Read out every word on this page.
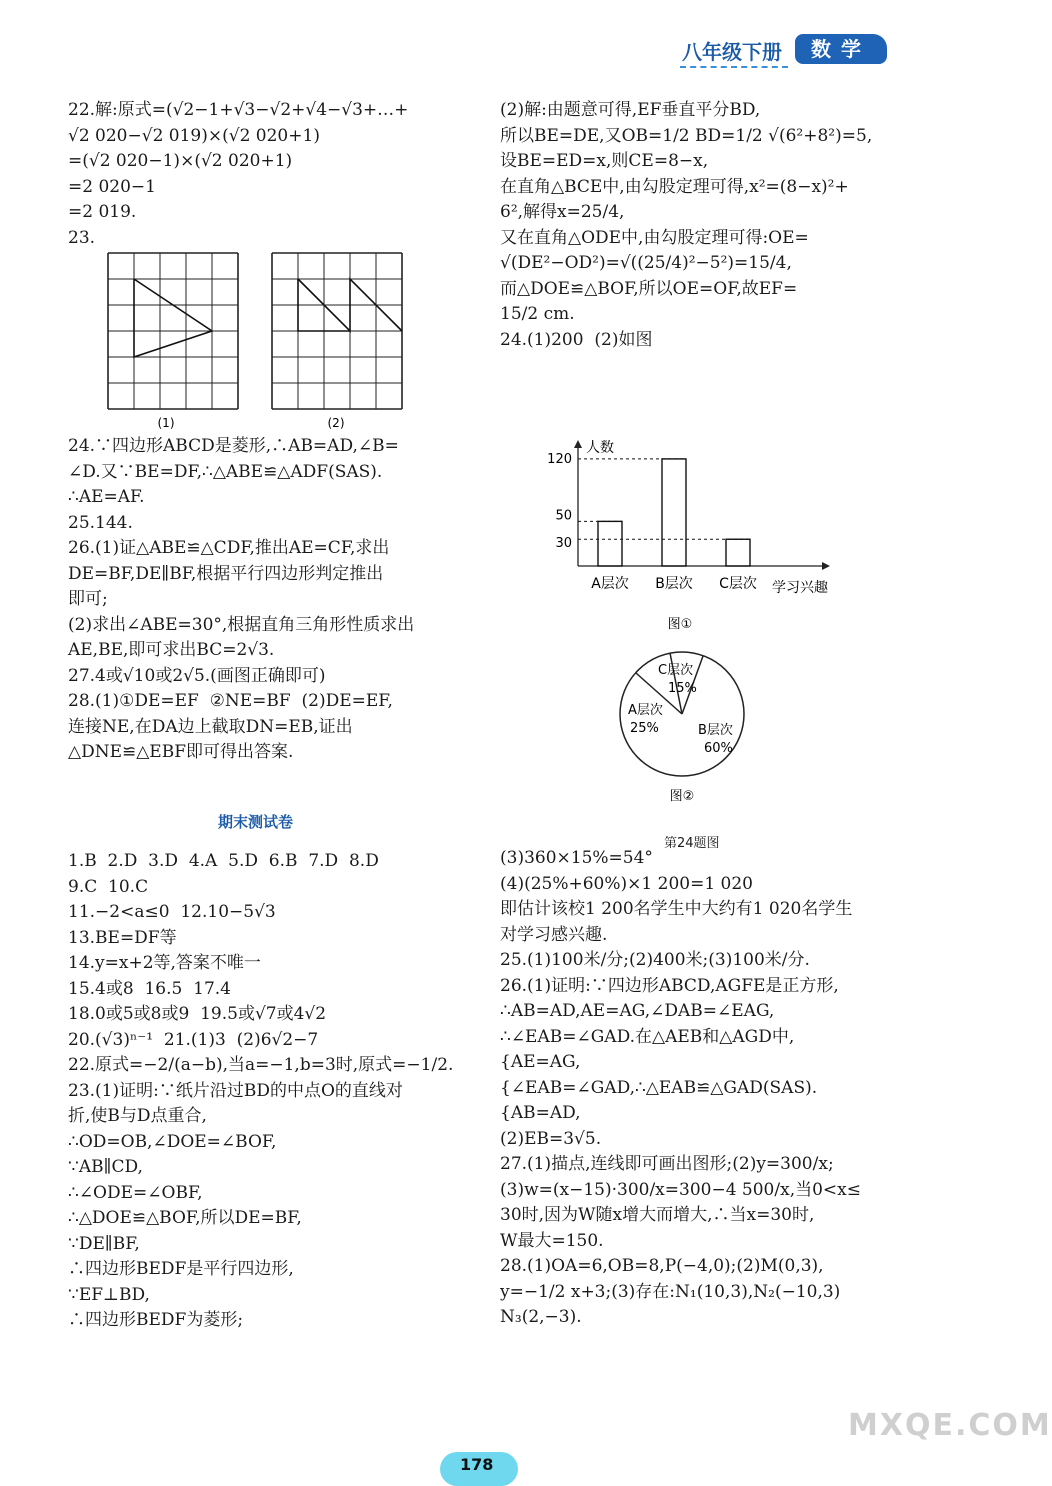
八年级下册	数学

22.解:原式=(√2−1+√3−√2+√4−√3+…+

√2 020−√2 019)×(√2 020+1)

=(√2 020−1)×(√2 020+1)

=2 020−1

=2 019.

23.

(1)	(2)

24.∵四边形ABCD是菱形,∴AB=AD,∠B=

∠D.又∵BE=DF,∴△ABE≌△ADF(SAS).

∴AE=AF.

25.144.

26.(1)证△ABE≌△CDF,推出AE=CF,求出

DE=BF,DE∥BF,根据平行四边形判定推出

即可;

(2)求出∠ABE=30°,根据直角三角形性质求出

AE,BE,即可求出BC=2√3.

27.4或√10或2√5.(画图正确即可)

28.(1)①DE=EF  ②NE=BF  (2)DE=EF,

连接NE,在DA边上截取DN=EB,证出

△DNE≌△EBF即可得出答案.

期末测试卷

1.B  2.D  3.D  4.A  5.D  6.B  7.D  8.D

9.C  10.C

11.−2<a≤0  12.10−5√3

13.BE=DF等

14.y=x+2等,答案不唯一

15.4或8  16.5  17.4

18.0或5或8或9  19.5或√7或4√2

20.(√3)ⁿ⁻¹  21.(1)3  (2)6√2−7

22.原式=−2/(a−b),当a=−1,b=3时,原式=−1/2.

23.(1)证明:∵纸片沿过BD的中点O的直线对

折,使B与D点重合,

∴OD=OB,∠DOE=∠BOF,

∵AB∥CD,

∴∠ODE=∠OBF,

∴△DOE≌△BOF,所以DE=BF,

∵DE∥BF,

∴四边形BEDF是平行四边形,

∵EF⊥BD,

∴四边形BEDF为菱形;

(2)解:由题意可得,EF垂直平分BD,

所以BE=DE,又OB=1/2 BD=1/2 √(6²+8²)=5,

设BE=ED=x,则CE=8−x,

在直角△BCE中,由勾股定理可得,x²=(8−x)²+

6²,解得x=25/4,

又在直角△ODE中,由勾股定理可得:OE=

√(DE²−OD²)=√((25/4)²−5²)=15/4,

而△DOE≌△BOF,所以OE=OF,故EF=

15/2 cm.

24.(1)200  (2)如图

人数
A层次 B层次 C层次
30
50
120
学习兴趣
图①
C层次
15%
A层次
25%	B层次
60%
图②
第24题图

(3)360×15%=54°

(4)(25%+60%)×1 200=1 020

即估计该校1 200名学生中大约有1 020名学生

对学习感兴趣.

25.(1)100米/分;(2)400米;(3)100米/分.

26.(1)证明:∵四边形ABCD,AGFE是正方形,

∴AB=AD,AE=AG,∠DAB=∠EAG,

∴∠EAB=∠GAD.在△AEB和△AGD中,

{AE=AG,

{∠EAB=∠GAD,∴△EAB≌△GAD(SAS).

{AB=AD,

(2)EB=3√5.

27.(1)描点,连线即可画出图形;(2)y=300/x;

(3)w=(x−15)·300/x=300−4 500/x,当0<x≤

30时,因为W随x增大而增大,∴当x=30时,

W最大=150.

28.(1)OA=6,OB=8,P(−4,0);(2)M(0,3),

y=−1/2 x+3;(3)存在:N₁(10,3),N₂(−10,3)

N₃(2,−3).

178
MXQE.COM
